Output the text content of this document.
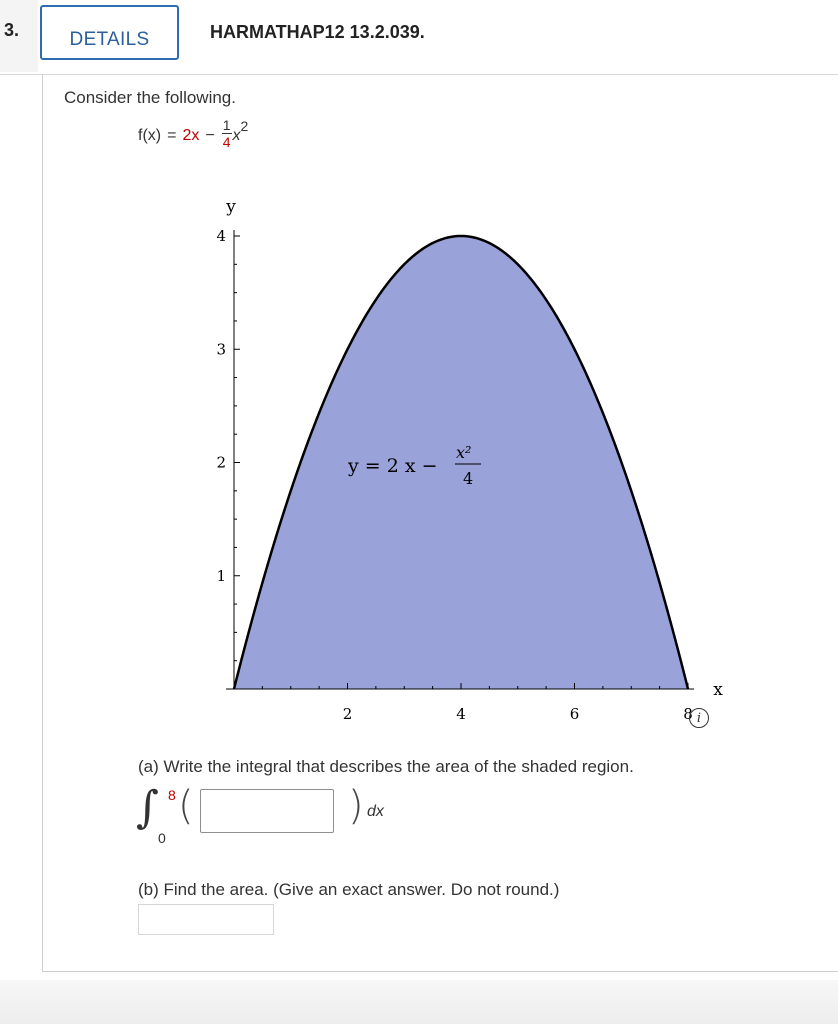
3.	DETAILS	HARMATHAP12 13.2.039.
Consider the following.
$f(x) = 2x - \frac{1}{4}$ x
2
2	4	6	8
1
2
3
4
y
x
y = 2 x −
x²
4
i
(a) Write the integral that describes the area of the shaded region.
∫ 8
0
(	) dx
(b) Find the area. (Give an exact answer. Do not round.)
